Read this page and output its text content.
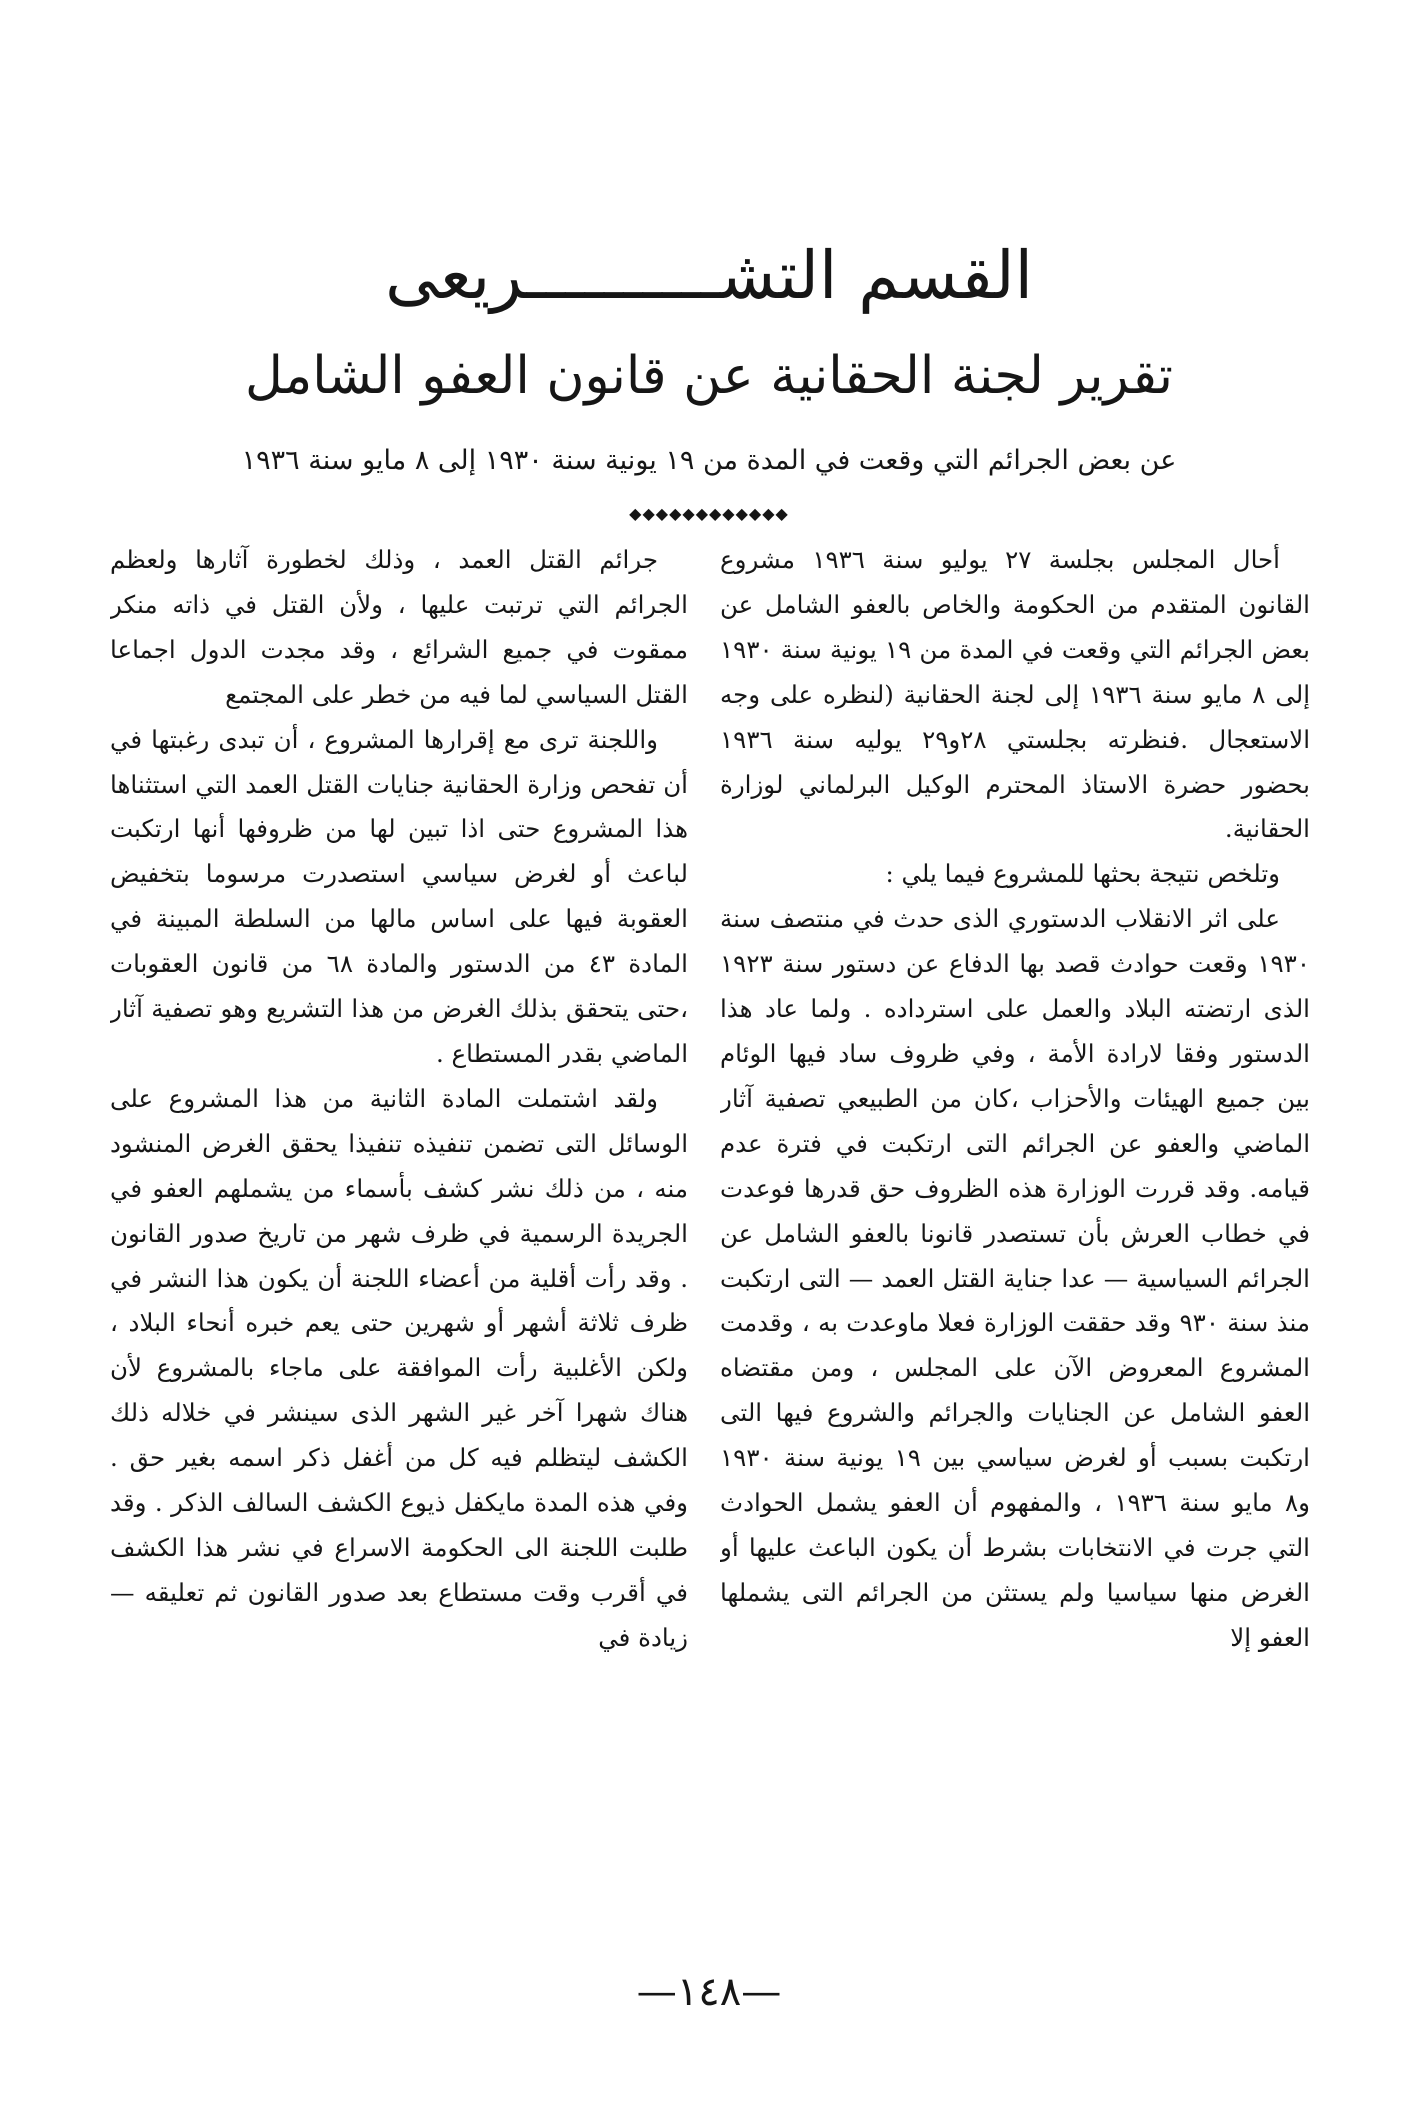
القسم التشــــــــــريعى
تقرير لجنة الحقانية عن قانون العفو الشامل

عن بعض الجرائم التي وقعت في المدة من ١٩ يونية سنة ١٩٣٠ إلى ٨ مايو سنة ١٩٣٦

◆◆◆◆◆◆◆◆◆◆◆◆

أحال المجلس بجلسة ٢٧ يوليو سنة ١٩٣٦ مشروع القانون المتقدم من الحكومة والخاص بالعفو الشامل عن بعض الجرائم التي وقعت في المدة من ١٩ يونية سنة ١٩٣٠ إلى ٨ مايو سنة ١٩٣٦ إلى لجنة الحقانية (لنظره على وجه الاستعجال .فنظرته بجلستي ٢٨و٢٩ يوليه سنة ١٩٣٦ بحضور حضرة الاستاذ المحترم الوكيل البرلماني لوزارة الحقانية.

وتلخص نتيجة بحثها للمشروع فيما يلي :

على اثر الانقلاب الدستوري الذى حدث في منتصف سنة ١٩٣٠ وقعت حوادث قصد بها الدفاع عن دستور سنة ١٩٢٣ الذى ارتضته البلاد والعمل على استرداده . ولما عاد هذا الدستور وفقا لارادة الأمة ، وفي ظروف ساد فيها الوئام بين جميع الهيئات والأحزاب ،كان من الطبيعي تصفية آثار الماضي والعفو عن الجرائم التى ارتكبت في فترة عدم قيامه. وقد قررت الوزارة هذه الظروف حق قدرها فوعدت في خطاب العرش بأن تستصدر قانونا بالعفو الشامل عن الجرائم السياسية — عدا جناية القتل العمد — التى ارتكبت منذ سنة ٩٣٠ وقد حققت الوزارة فعلا ماوعدت به ، وقدمت المشروع المعروض الآن على المجلس ، ومن مقتضاه العفو الشامل عن الجنايات والجرائم والشروع فيها التى ارتكبت بسبب أو لغرض سياسي بين ١٩ يونية سنة ١٩٣٠ و٨ مايو سنة ١٩٣٦ ، والمفهوم أن العفو يشمل الحوادث التي جرت في الانتخابات بشرط أن يكون الباعث عليها أو الغرض منها سياسيا ولم يستثن من الجرائم التى يشملها العفو إلا

جرائم القتل العمد ، وذلك لخطورة آثارها ولعظم الجرائم التي ترتبت عليها ، ولأن القتل في ذاته منكر ممقوت في جميع الشرائع ، وقد مجدت الدول اجماعا القتل السياسي لما فيه من خطر على المجتمع

واللجنة ترى مع إقرارها المشروع ، أن تبدى رغبتها في أن تفحص وزارة الحقانية جنايات القتل العمد التي استثناها هذا المشروع حتى اذا تبين لها من ظروفها أنها ارتكبت لباعث أو لغرض سياسي استصدرت مرسوما بتخفيض العقوبة فيها على اساس مالها من السلطة المبينة في المادة ٤٣ من الدستور والمادة ٦٨ من قانون العقوبات ،حتى يتحقق بذلك الغرض من هذا التشريع وهو تصفية آثار الماضي بقدر المستطاع .

ولقد اشتملت المادة الثانية من هذا المشروع على الوسائل التى تضمن تنفيذه تنفيذا يحقق الغرض المنشود منه ، من ذلك نشر كشف بأسماء من يشملهم العفو في الجريدة الرسمية في ظرف شهر من تاريخ صدور القانون . وقد رأت أقلية من أعضاء اللجنة أن يكون هذا النشر في ظرف ثلاثة أشهر أو شهرين حتى يعم خبره أنحاء البلاد ، ولكن الأغلبية رأت الموافقة على ماجاء بالمشروع لأن هناك شهرا آخر غير الشهر الذى سينشر في خلاله ذلك الكشف ليتظلم فيه كل من أغفل ذكر اسمه بغير حق . وفي هذه المدة مايكفل ذيوع الكشف السالف الذكر . وقد طلبت اللجنة الى الحكومة الاسراع في نشر هذا الكشف في أقرب وقت مستطاع بعد صدور القانون ثم تعليقه — زيادة في

—١٤٨—
